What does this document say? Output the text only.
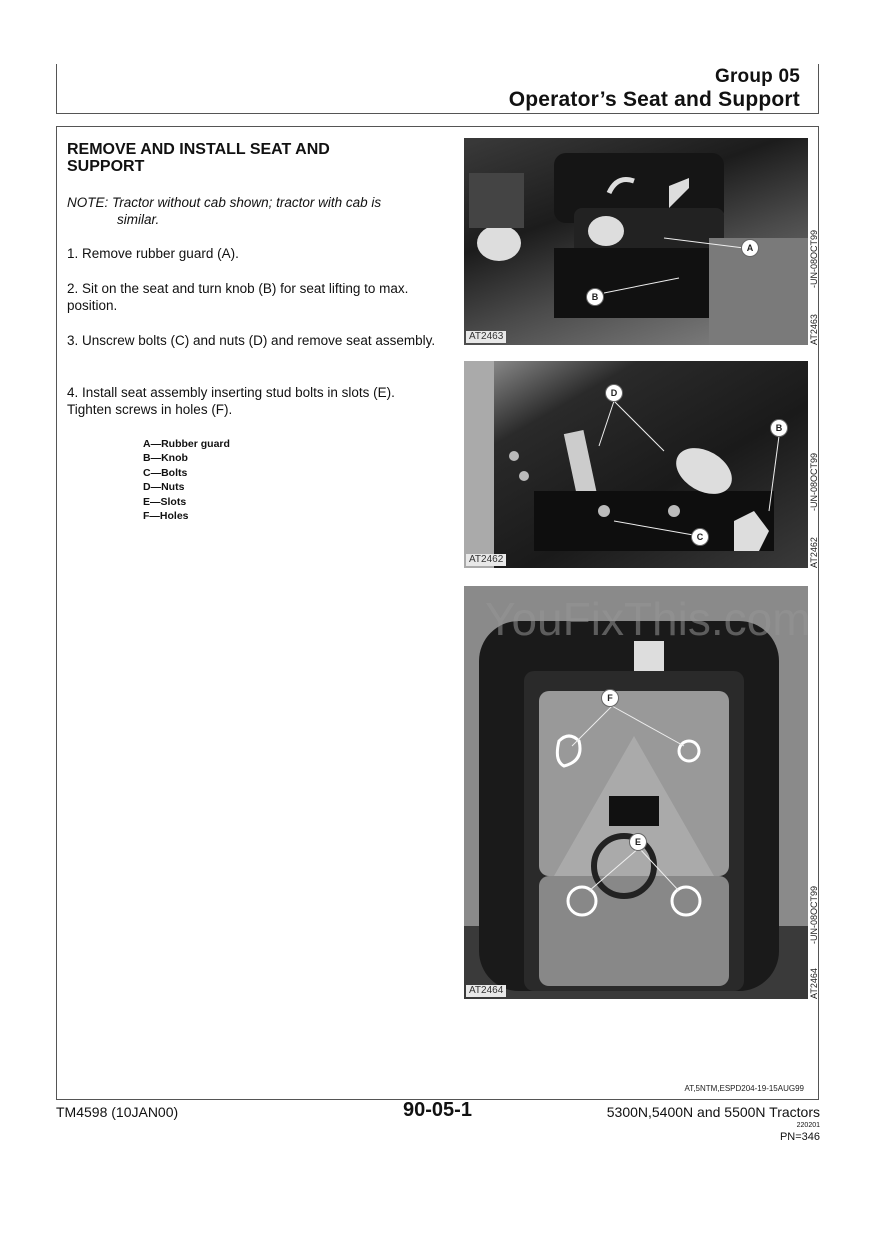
Group 05
Operator’s Seat and Support
REMOVE AND INSTALL SEAT AND SUPPORT
NOTE: Tractor without cab shown; tractor with cab is
similar.
1. Remove rubber guard (A).
2. Sit on the seat and turn knob (B) for seat lifting to max. position.
3. Unscrew bolts (C) and nuts (D) and remove seat assembly.
4. Install seat assembly inserting stud bolts in slots (E). Tighten screws in holes (F).
A—Rubber guard
B—Knob
C—Bolts
D—Nuts
E—Slots
F—Holes
A
B
AT2463	AT2463
-UN-08OCT99
D
B
C
AT2462	AT2462
-UN-08OCT99
F
E
AT2464	AT2464
-UN-08OCT99
AT,5NTM,ESPD204-19-15AUG99
YouFixThis.com
TM4598 (10JAN00)	90-05-1	5300N,5400N and 5500N Tractors
220201
PN=346
